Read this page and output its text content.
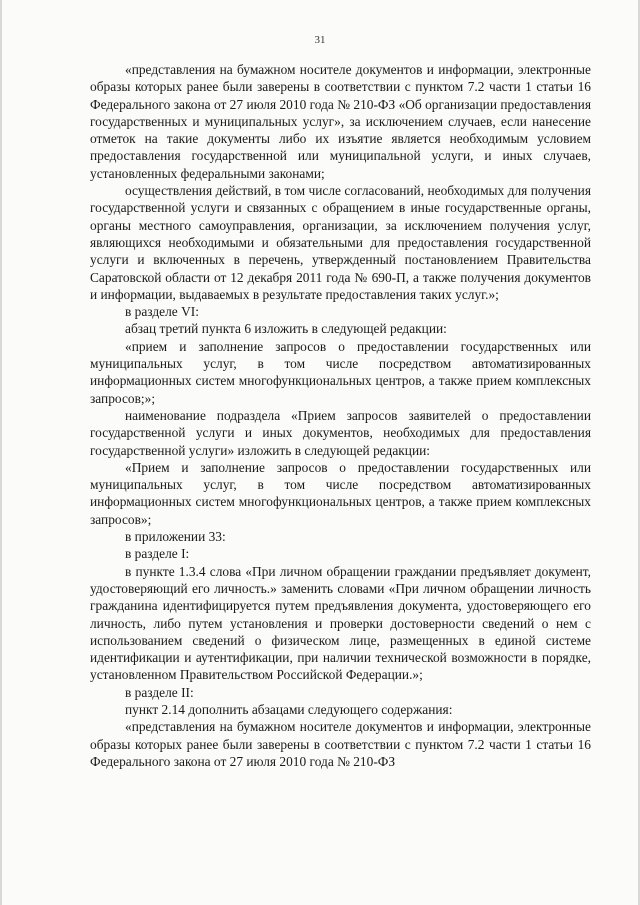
31

«представления на бумажном носителе документов и информации, электронные образы которых ранее были заверены в соответствии с пунктом 7.2 части 1 статьи 16 Федерального закона от 27 июля 2010 года № 210-ФЗ «Об организации предоставления государственных и муниципальных услуг», за исключением случаев, если нанесение отметок на такие документы либо их изъятие является необходимым условием предоставления государственной или муниципальной услуги, и иных случаев, установленных федеральными законами;

осуществления действий, в том числе согласований, необходимых для получения государственной услуги и связанных с обращением в иные государственные органы, органы местного самоуправления, организации, за исключением получения услуг, являющихся необходимыми и обязательными для предоставления государственной услуги и включенных в перечень, утвержденный постановлением Правительства Саратовской области от 12 декабря 2011 года № 690-П, а также получения документов и информации, выдаваемых в результате предоставления таких услуг.»;

в разделе VI:

абзац третий пункта 6 изложить в следующей редакции:

«прием и заполнение запросов о предоставлении государственных или муниципальных услуг, в том числе посредством автоматизированных информационных систем многофункциональных центров, а также прием комплексных запросов;»;

наименование подраздела «Прием запросов заявителей о предоставлении государственной услуги и иных документов, необходимых для предоставления государственной услуги» изложить в следующей редакции:

«Прием и заполнение запросов о предоставлении государственных или муниципальных услуг, в том числе посредством автоматизированных информационных систем многофункциональных центров, а также прием комплексных запросов»;

в приложении 33:

в разделе I:

в пункте 1.3.4 слова «При личном обращении граждании предъявляет документ, удостоверяющий его личность.» заменить словами «При личном обращении личность гражданина идентифицируется путем предъявления документа, удостоверяющего его личность, либо путем установления и проверки достоверности сведений о нем с использованием сведений о физическом лице, размещенных в единой системе идентификации и аутентификации, при наличии технической возможности в порядке, установленном Правительством Российской Федерации.»;

в разделе II:

пункт 2.14 дополнить абзацами следующего содержания:

«представления на бумажном носителе документов и информации, электронные образы которых ранее были заверены в соответствии с пунктом 7.2 части 1 статьи 16 Федерального закона от 27 июля 2010 года № 210-ФЗ
